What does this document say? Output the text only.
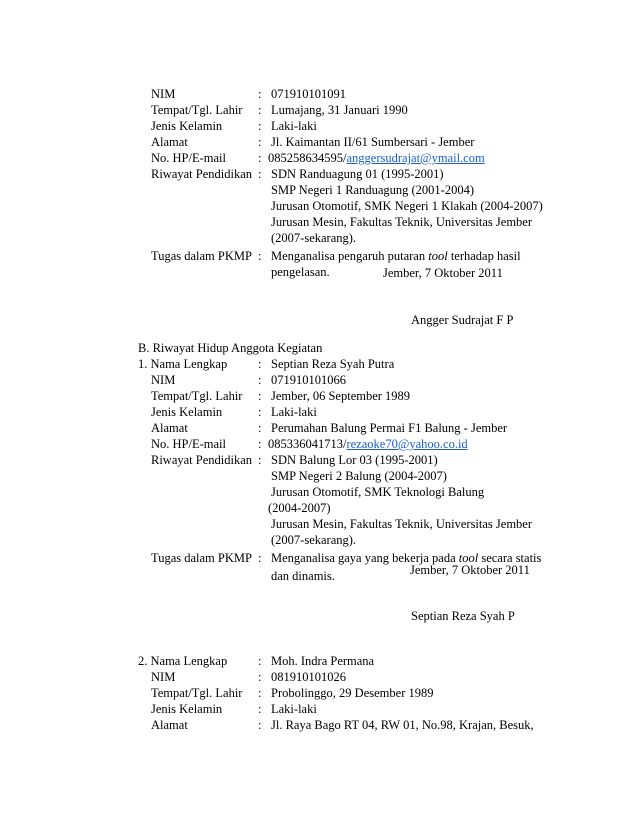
NIM	: 071910101091
Tempat/Tgl. Lahir : Lumajang, 31 Januari 1990
Jenis Kelamin	: Laki-laki
Alamat	: Jl. Kaimantan II/61 Sumbersari - Jember
No. HP/E-mail	: 085258634595/anggersudrajat@ymail.com
Riwayat Pendidikan : SDN Randuagung 01 (1995-2001)
SMP Negeri 1 Randuagung (2001-2004)
Jurusan Otomotif, SMK Negeri 1 Klakah (2004-2007)
Jurusan Mesin, Fakultas Teknik, Universitas Jember
(2007-sekarang).
Tugas dalam PKMP : Menganalisa pengaruh putaran tool terhadap hasil
pengelasan.	Jember, 7 Oktober 2011
Angger Sudrajat F P
B. Riwayat Hidup Anggota Kegiatan
1. Nama Lengkap : Septian Reza Syah Putra
NIM	: 071910101066
Tempat/Tgl. Lahir : Jember, 06 September 1989
Jenis Kelamin	: Laki-laki
Alamat	: Perumahan Balung Permai F1 Balung - Jember
No. HP/E-mail	: 085336041713/rezaoke70@yahoo.co.id
Riwayat Pendidikan : SDN Balung Lor 03 (1995-2001)
SMP Negeri 2 Balung (2004-2007)
Jurusan Otomotif, SMK Teknologi Balung
(2004-2007)
Jurusan Mesin, Fakultas Teknik, Universitas Jember
(2007-sekarang).
Tugas dalam PKMP : Menganalisa gaya yang bekerja pada tool secara statis
dan dinamis.	Jember, 7 Oktober 2011
Septian Reza Syah P
2. Nama Lengkap : Moh. Indra Permana
NIM	: 081910101026
Tempat/Tgl. Lahir : Probolinggo, 29 Desember 1989
Jenis Kelamin	: Laki-laki
Alamat	: Jl. Raya Bago RT 04, RW 01, No.98, Krajan, Besuk,
